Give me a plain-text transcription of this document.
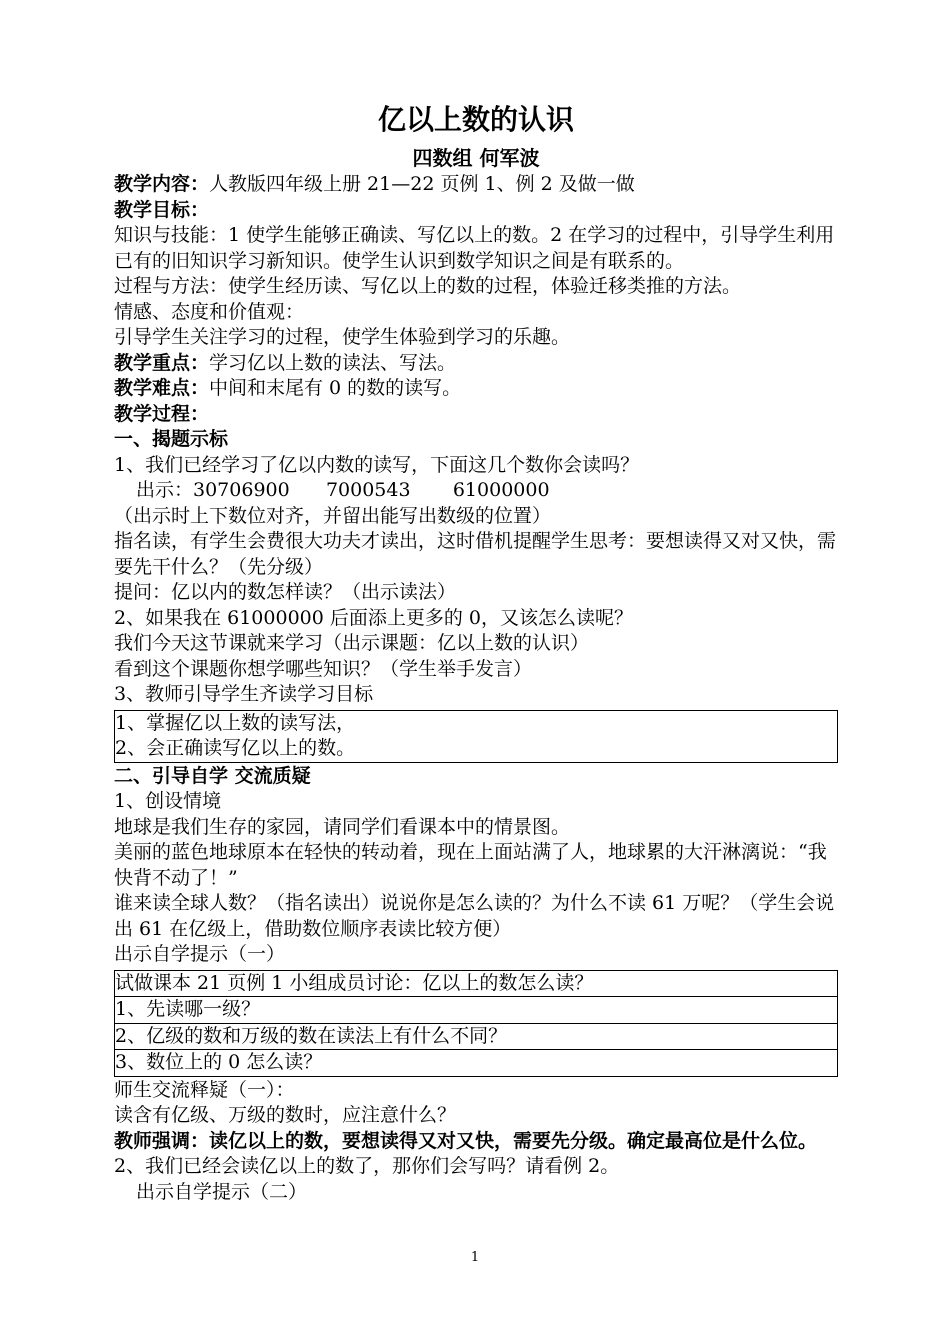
亿以上数的认识

四数组 何军波

教学内容：人教版四年级上册 21—22 页例 1、例 2 及做一做

教学目标：

知识与技能：1 使学生能够正确读、写亿以上的数。2 在学习的过程中，引导学生利用已有的旧知识学习新知识。使学生认识到数学知识之间是有联系的。

过程与方法：使学生经历读、写亿以上的数的过程，体验迁移类推的方法。

情感、态度和价值观：

引导学生关注学习的过程，使学生体验到学习的乐趣。

教学重点：学习亿以上数的读法、写法。

教学难点：中间和末尾有 0 的数的读写。

教学过程：

一、揭题示标

1、我们已经学习了亿以内数的读写，下面这几个数你会读吗？

出示：30706900      7000543       61000000

（出示时上下数位对齐，并留出能写出数级的位置）

指名读，有学生会费很大功夫才读出，这时借机提醒学生思考：要想读得又对又快，需要先干什么？（先分级）

提问：亿以内的数怎样读？（出示读法）

2、如果我在 61000000 后面添上更多的 0，又该怎么读呢？

我们今天这节课就来学习（出示课题：亿以上数的认识）

看到这个课题你想学哪些知识？（学生举手发言）

3、教师引导学生齐读学习目标

1、掌握亿以上数的读写法，

2、会正确读写亿以上的数。

二、引导自学 交流质疑

1、创设情境

地球是我们生存的家园，请同学们看课本中的情景图。

美丽的蓝色地球原本在轻快的转动着，现在上面站满了人，地球累的大汗淋漓说：“我快背不动了！”

谁来读全球人数？（指名读出）说说你是怎么读的？为什么不读 61 万呢？（学生会说出 61 在亿级上，借助数位顺序表读比较方便）

出示自学提示（一）

试做课本 21 页例 1 小组成员讨论：亿以上的数怎么读？

1、先读哪一级？

2、亿级的数和万级的数在读法上有什么不同？

3、数位上的 0 怎么读？

师生交流释疑（一）：

读含有亿级、万级的数时，应注意什么？

教师强调：读亿以上的数，要想读得又对又快，需要先分级。确定最高位是什么位。

2、我们已经会读亿以上的数了，那你们会写吗？请看例 2。

出示自学提示（二）

1
